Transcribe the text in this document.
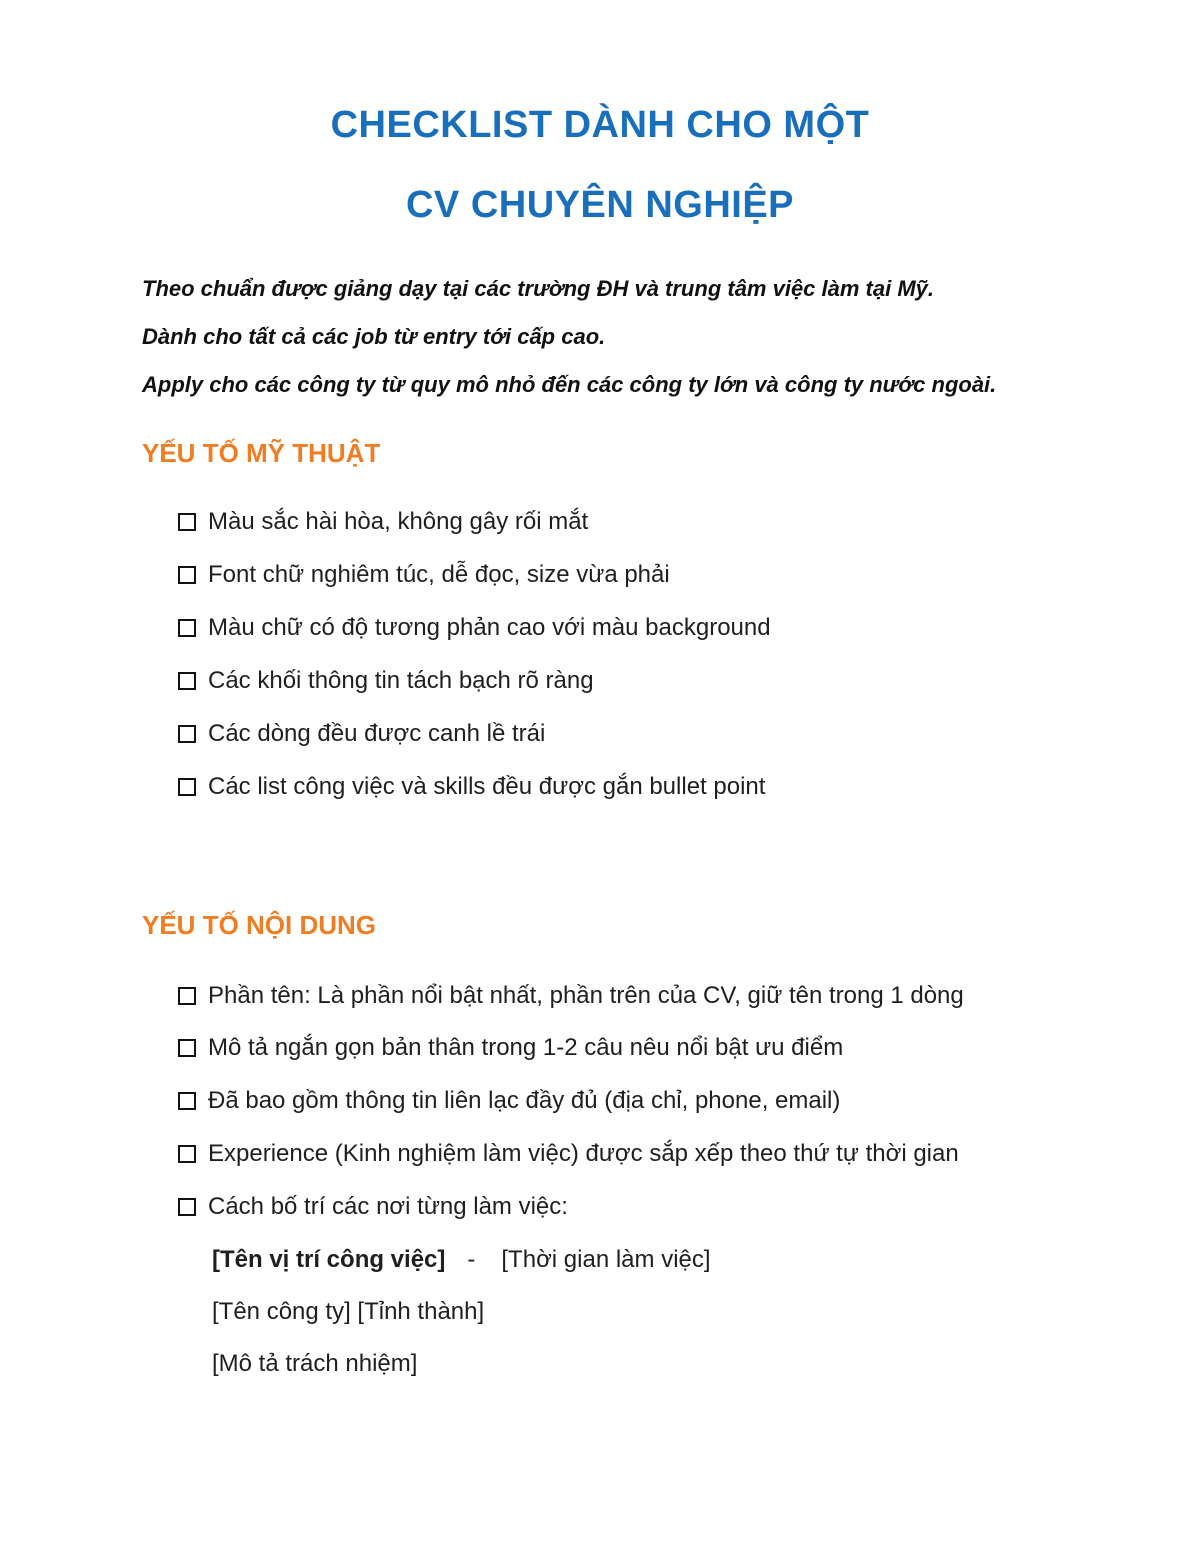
CHECKLIST DÀNH CHO MỘT
CV CHUYÊN NGHIỆP

Theo chuẩn được giảng dạy tại các trường ĐH và trung tâm việc làm tại Mỹ.

Dành cho tất cả các job từ entry tới cấp cao.

Apply cho các công ty từ quy mô nhỏ đến các công ty lớn và công ty nước ngoài.

YẾU TỐ MỸ THUẬT
Màu sắc hài hòa, không gây rối mắt
Font chữ nghiêm túc, dễ đọc, size vừa phải
Màu chữ có độ tương phản cao với màu background
Các khối thông tin tách bạch rõ ràng
Các dòng đều được canh lề trái
Các list công việc và skills đều được gắn bullet point
YẾU TỐ NỘI DUNG
Phần tên: Là phần nổi bật nhất, phần trên của CV, giữ tên trong 1 dòng
Mô tả ngắn gọn bản thân trong 1-2 câu nêu nổi bật ưu điểm
Đã bao gồm thông tin liên lạc đầy đủ (địa chỉ, phone, email)
Experience (Kinh nghiệm làm việc) được sắp xếp theo thứ tự thời gian
Cách bố trí các nơi từng làm việc:
[Tên vị trí công việc] - [Thời gian làm việc]
[Tên công ty] [Tỉnh thành]
[Mô tả trách nhiệm]
